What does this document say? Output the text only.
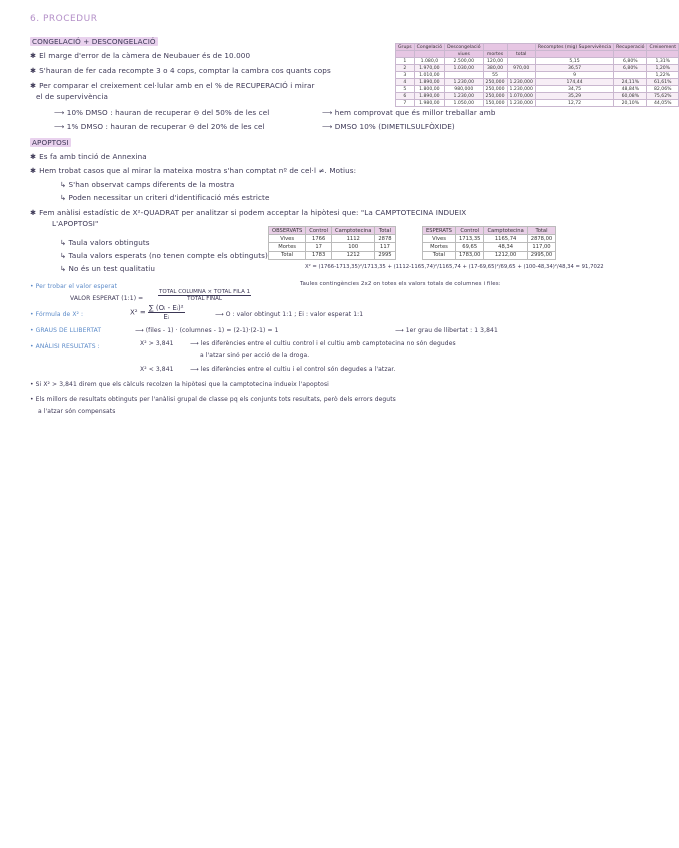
6. PROCEDUR
CONGELACIÓ + DESCONGELACIÓ
✱ El marge d'error de la càmera de Neubauer és de 10.000
✱ S'hauran de fer cada recompte 3 o 4 cops, comptar la cambra cos quants cops
✱ Per comparar el creixement cel·lular amb en el % de RECUPERACIÓ i mirar
el de supervivència
⟶ 10% DMSO : hauran de recuperar ⊖ del 50% de les cel	⟶ hem comprovat que és millor treballar amb
⟶ 1% DMSO : hauran de recuperar ⊖ del 20% de les cel	⟶ DMSO 10% (DIMETILSULFÒXIDE)
APOPTOSI
✱ Es fa amb tinció de Annexina
✱ Hem trobat casos que al mirar la mateixa mostra s'han comptat nº de cel·l ≠. Motius:
↳ S'han observat camps diferents de la mostra
↳ Poden necessitar un criteri d'identificació més estricte
✱ Fem anàlisi estadístic de X²-QUADRAT per analitzar si podem acceptar la hipòtesi que: "La CAMPTOTECINA INDUEIX
L'APOPTOSI"
↳ Taula valors obtinguts
↳ Taula valors esperats (no tenen compte els obtinguts)
↳ No és un test qualitatiu
Taules contingències 2x2 on totes els valors totals de columnes i files:
• Per trobar el valor esperat
VALOR ESPERAT (1:1) =	$\frac{\text{TOTAL COLUMNA × TOTAL FILA 1}}{\text{TOTAL FINAL}}$
• Fórmula de X² :	$X^2 = \frac{\text{∑ (Oᵢ - Eᵢ)²}}{\text{Eᵢ}}$	⟶ O : valor obtingut 1:1 ; Ei : valor esperat 1:1
• GRAUS DE LLIBERTAT	⟶ (files - 1) · (columnes - 1) = (2-1)·(2-1) = 1	⟶ 1er grau de llibertat : 1 3,841
• ANÀLISI RESULTATS :	X² > 3,841	⟶ les diferències entre el cultiu control i el cultiu amb camptotecina no són degudes
a l'atzar sinó per acció de la droga.
X² < 3,841	⟶ les diferències entre el cultiu i el control són degudes a l'atzar.
• Si X² > 3,841 direm que els càlculs recolzen la hipòtesi que la camptotecina indueix l'apoptosi
• Els millors de resultats obtinguts per l'anàlisi grupal de classe pq els conjunts tots resultats, però dels errors deguts
a l'atzar són compensats
Grups	Congelació	Descongelació			Recomptes (mig) Supervivència	Recuperació	Creixement
		viues	mortes	total			
1	1.080,0	2.500,00	120,00		5,15	6,80%	1,31%
2	1.970,00	1.030,00	380,00	970,00	36,57	6,80%	1,20%
3	1.010,00		55		9		1,22%
4	1.890,00	1.230,00	250,000	1.230,000	174,44	24,11%	61,61%
5	1.800,00	980,000	250,000	1.230,000	34,75	48,84%	82,06%
6	1.890,00	1.230,00	250,000	1.070,000	35,29	60,08%	75,62%
7	1.980,00	1.050,00	150,000	1.230,000	12,72	20,10%	44,05%
OBSERVATS	Control	Camptotecina	Total
Vives	1766	1112	2878
Mortes	17	100	117
Total	1783	1212	2995
ESPERATS	Control	Camptotecina	Total
Vives	1713,35	1165,74	2878,00
Mortes	69,65	48,34	117,00
Total	1783,00	1212,00	2995,00
X² = (1766-1713,35)²/1713,35 + (1112-1165,74)²/1165,74 + (17-69,65)²/69,65 + (100-48,34)²/48,34 = 91,7022
